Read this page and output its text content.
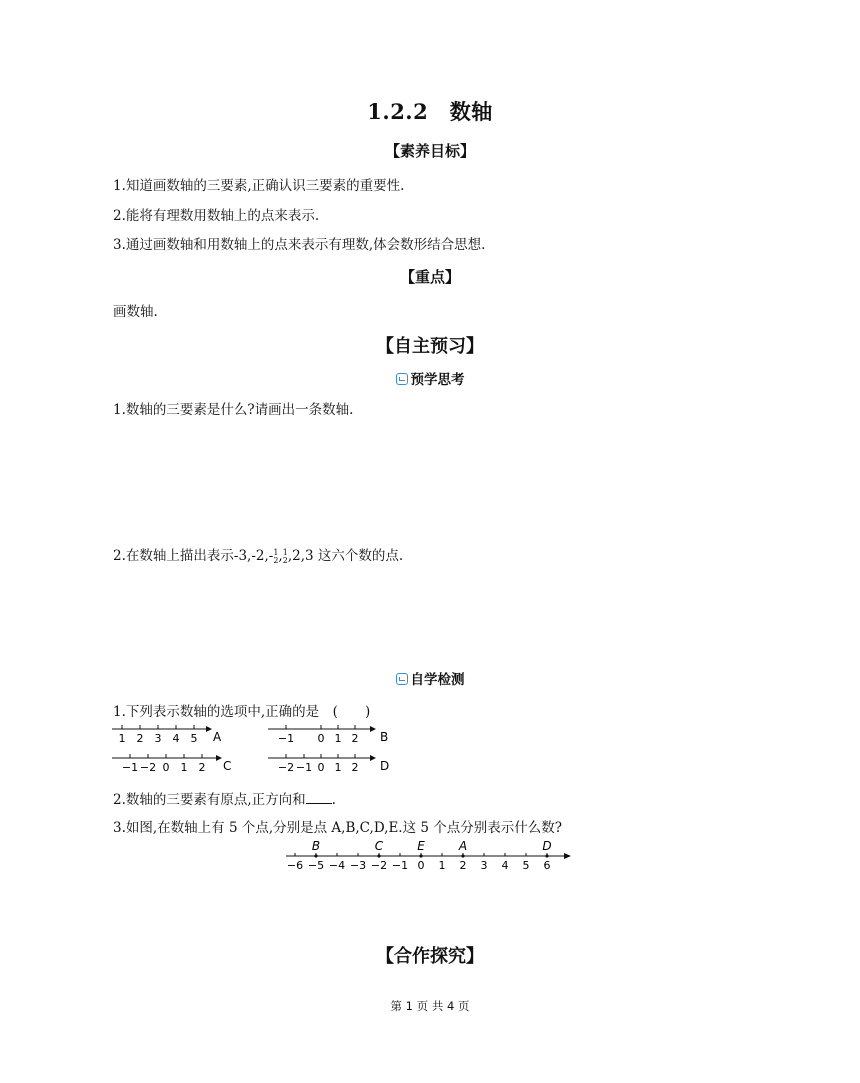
1.2.2　数轴
【素养目标】
1.知道画数轴的三要素,正确认识三要素的重要性.
2.能将有理数用数轴上的点来表示.
3.通过画数轴和用数轴上的点来表示有理数,体会数形结合思想.
【重点】
画数轴.
【自主预习】
预学思考
1.数轴的三要素是什么?请画出一条数轴.
2.在数轴上描出表示-3,-2,- 1
2 , 1
2 ,2,3 这六个数的点.
自学检测
1.下列表示数轴的选项中,正确的是　(　　)
1 2 3 4 5 A	−1 0 1 2 B
−1 −2 0 1 2 C	−2 −1 0 1 2 D
2.数轴的三要素有原点,正方向和 .
3.如图,在数轴上有 5 个点,分别是点 A,B,C,D,E.这 5 个点分别表示什么数?
−6 −5 −4 −3 −2 −1 0 1 2 3 4 5 6
B	C	E	A	D
【合作探究】
第 1 页 共 4 页
